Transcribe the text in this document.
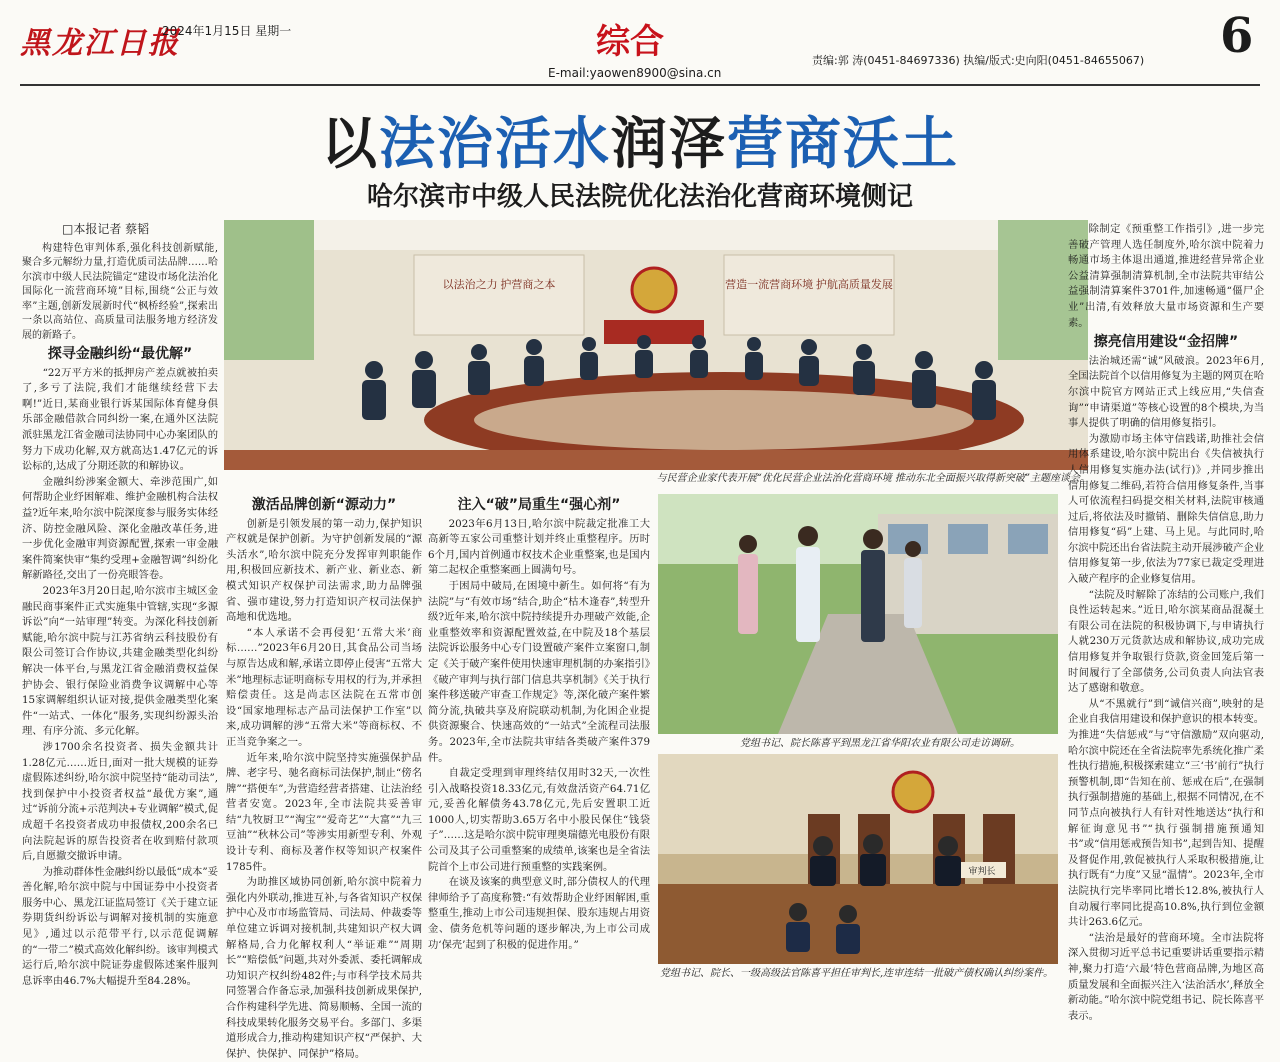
黑龙江日报
2024年1月15日 星期一	综合
E-mail:yaowen8900@sina.cn
责编:郭 涛(0451-84697336) 执编/版式:史向阳(0451-84655067) 6
以法治活水润泽营商沃土
哈尔滨市中级人民法院优化法治化营商环境侧记
以法治之力 护营商之本	营造一流营商环境 护航高质量发展
与民营企业家代表开展“优化民营企业法治化营商环境 推动东北全面振兴取得新突破”主题座谈会。
□本报记者 蔡韬

构建特色审判体系,强化科技创新赋能,聚合多元解纷力量,打造优质司法品牌……哈尔滨市中级人民法院锚定“建设市场化法治化国际化一流营商环境”目标,围绕“公正与效率”主题,创新发展新时代“枫桥经验”,探索出一条以高站位、高质量司法服务地方经济发展的新路子。

探寻金融纠纷“最优解”

“22万平方米的抵押房产差点就被拍卖了,多亏了法院,我们才能继续经营下去啊!”近日,某商业银行诉某国际体育健身俱乐部金融借款合同纠纷一案,在通外区法院派驻黑龙江省金融司法协同中心办案团队的努力下成功化解,双方就高达1.47亿元的诉讼标的,达成了分期还款的和解协议。

金融纠纷涉案金额大、牵涉范围广,如何帮助企业纾困解难、维护金融机构合法权益?近年来,哈尔滨中院深度参与服务实体经济、防控金融风险、深化金融改革任务,进一步优化金融审判资源配置,探索一审金融案件简案快审“集约受理+金融智调”纠纷化解新路径,交出了一份亮眼答卷。

2023年3月20日起,哈尔滨市主城区金融民商事案件正式实施集中管辖,实现“多源诉讼”向“一站审理”转变。为深化科技创新赋能,哈尔滨中院与江苏省纳云科技股份有限公司签订合作协议,共建金融类型化纠纷解决一体平台,与黑龙江省金融消费权益保护协会、银行保险业消费争议调解中心等15家调解组织认证对接,提供金融类型化案件“一站式、一体化”服务,实现纠纷源头治理、有序分流、多元化解。

涉1700余名投资者、损失金额共计1.28亿元……近日,面对一批大规模的证券虚假陈述纠纷,哈尔滨中院坚持“能动司法”,找到保护中小投资者权益“最优方案”,通过“诉前分流+示范判决+专业调解”模式,促成超千名投资者成功申报债权,200余名已向法院起诉的原告投资者在收到赔付款项后,自愿撤交撤诉申请。

为推动群体性金融纠纷以最低“成本”妥善化解,哈尔滨中院与中国证券中小投资者服务中心、黑龙江证监局签订《关于建立证券期货纠纷诉讼与调解对接机制的实施意见》,通过以示范带平行,以示范促调解的“一带二”模式高效化解纠纷。该审判模式运行后,哈尔滨中院证券虚假陈述案件服判息诉率由46.7%大幅提升至84.28%。

激活品牌创新“源动力”

创新是引领发展的第一动力,保护知识产权就是保护创新。为守护创新发展的“源头活水”,哈尔滨中院充分发挥审判职能作用,积极回应新技术、新产业、新业态、新模式知识产权保护司法需求,助力品牌强省、强市建设,努力打造知识产权司法保护高地和优选地。

“本人承诺不会再侵犯‘五常大米’商标……”2023年6月20日,其食品公司当场与原告达成和解,承诺立即停止侵害“五常大米”地理标志证明商标专用权的行为,并承担赔偿责任。这是尚志区法院在五常市创设“国家地理标志产品司法保护工作室”以来,成功调解的涉“五常大米”等商标权、不正当竞争案之一。

近年来,哈尔滨中院坚持实施强保护品牌、老字号、驰名商标司法保护,制止“傍名牌”“搭便车”,为营造经营者搭建、让法治经营者安宽。2023年,全市法院共妥善审结“九牧厨卫”“淘宝”“爱奇艺”“大富”“九三豆油”“秋林公司”等涉实用新型专利、外观设计专利、商标及著作权等知识产权案件1785件。

为助推区域协同创新,哈尔滨中院着力强化内外联动,推进互补,与各省知识产权保护中心及市市场监管局、司法局、仲裁委等单位建立诉调对接机制,共建知识产权大调解格局,合力化解权利人“举证难”“周期长”“赔偿低”问题,共对外委派、委托调解成功知识产权纠纷482件;与市科学技术局共同签署合作备忘录,加强科技创新成果保护,合作构建科学先进、简易顺畅、全国一流的科技成果转化服务交易平台。多部门、多渠道形成合力,推动构建知识产权“严保护、大保护、快保护、同保护”格局。

注入“破”局重生“强心剂”

2023年6月13日,哈尔滨中院裁定批准工大高新等五家公司重整计划并终止重整程序。历时6个月,国内首例通市权技术企业重整案,也是国内第二起权企重整案画上圆满句号。

于困局中破局,在困境中新生。如何将“有为法院”与“有效市场”结合,助企“枯木逢春”,转型升级?近年来,哈尔滨中院持续提升办理破产效能,企业重整效率和资源配置效益,在中院及18个基层法院诉讼服务中心专门设置破产案件立案窗口,制定《关于破产案件使用快速审理机制的办案指引》《破产审判与执行部门信息共享机制》《关于执行案件移送破产审查工作规定》等,深化破产案件繁简分流,执破共享及府院联动机制,为化困企业提供资源聚合、快速高效的“一站式”全流程司法服务。2023年,全市法院共审结各类破产案件379件。

自裁定受理到审理终结仅用时32天,一次性引入战略投资18.33亿元,有效盘活资产64.71亿元,妥善化解债务43.78亿元,先后安置职工近1000人,切实帮助3.65万名中小股民保住“钱袋子”……这是哈尔滨中院审理奥瑞德光电股份有限公司及其子公司重整案的成绩单,该案也是全省法院首个上市公司进行预重整的实践案例。

在谈及该案的典型意义时,部分债权人的代理律师给予了高度称赞:“有效帮助企业纾困解困,重整重生,推动上市公司违规担保、股东违规占用资金、债务危机等问题的逐步解决,为上市公司成功‘保壳’起到了积极的促进作用。”

党组书记、院长陈喜平到黑龙江省华阳农业有限公司走访调研。
审判长
党组书记、院长、一级高级法官陈喜平担任审判长,连审连结一批破产债权确认纠纷案件。

除制定《预重整工作指引》,进一步完善破产管理人选任制度外,哈尔滨中院着力畅通市场主体退出通道,推进经营异常企业公益清算强制清算机制,全市法院共审结公益强制清算案件3701件,加速畅通“僵尸企业”出清,有效释放大量市场资源和生产要素。

擦亮信用建设“金招牌”

法治城还需“诚”风破浪。2023年6月,全国法院首个以信用修复为主题的网页在哈尔滨中院官方网站正式上线应用,“失信查询”“申请渠道”等核心设置的8个模块,为当事人提供了明确的信用修复指引。

为激励市场主体守信践诺,助推社会信用体系建设,哈尔滨中院出台《失信被执行人信用修复实施办法(试行)》,并同步推出信用修复二维码,若符合信用修复条件,当事人可依流程扫码提交相关材料,法院审核通过后,将依法及时撤销、删除失信信息,助力信用修复“码”上建、马上见。与此同时,哈尔滨中院还出台省法院主动开展涉破产企业信用修复第一步,依法为77家已裁定受理进入破产程序的企业修复信用。

“法院及时解除了冻结的公司账户,我们良性运转起来。”近日,哈尔滨某商品混凝土有限公司在法院的积极协调下,与申请执行人就230万元货款达成和解协议,成功完成信用修复并争取银行贷款,资金回笼后第一时间履行了全部债务,公司负责人向法官表达了感谢和敬意。

从“不黑就行”到“诚信兴商”,映射的是企业自我信用建设和保护意识的根本转变。为推进“失信惩戒”与“守信激励”双向驱动,哈尔滨中院还在全省法院率先系统化推广柔性执行措施,积极探索建立“三‘书’前行”执行预警机制,即“告知在前、惩戒在后”,在强制执行强制措施的基础上,根据不同情况,在不同节点向被执行人有针对性地送达“执行和解征询意见书”“执行强制措施预通知书”或“信用惩戒预告知书”,起到告知、提醒及督促作用,敦促被执行人采取积极措施,让执行既有“力度”又显“温情”。2023年,全市法院执行完毕率同比增长12.8%,被执行人自动履行率同比提高10.8%,执行到位金额共计263.6亿元。

“法治是最好的营商环境。全市法院将深入贯彻习近平总书记重要讲话重要指示精神,聚力打造‘六最’特色营商品牌,为地区高质量发展和全面振兴注入‘法治活水’,释放全新动能。”哈尔滨中院党组书记、院长陈喜平表示。
